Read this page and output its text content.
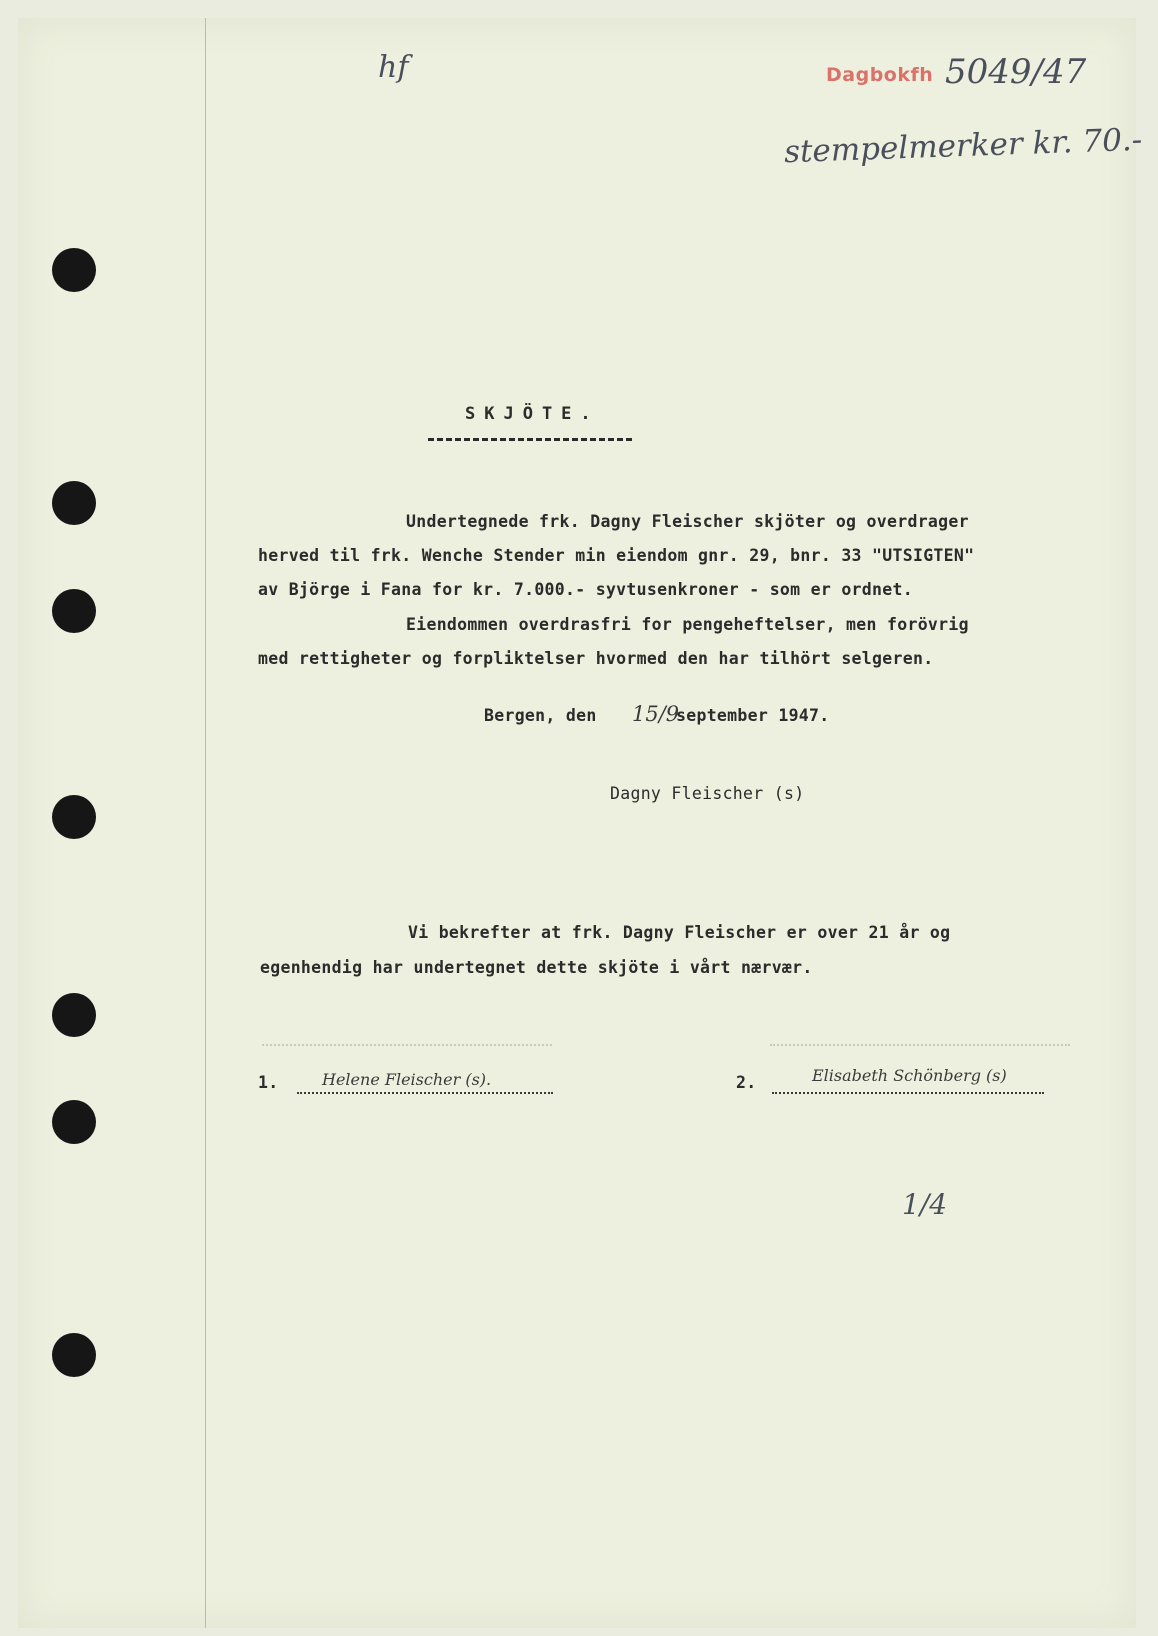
hf	Dagbokfh 5049/47
stempelmerker kr. 70.-
SKJÖTE.
Undertegnede frk. Dagny Fleischer skjöter og overdrager
herved til frk. Wenche Stender min eiendom gnr. 29, bnr. 33 "UTSIGTEN"
av Björge i Fana for kr. 7.000.- syvtusenkroner - som er ordnet.
Eiendommen overdrasfri for pengeheftelser, men forövrig
med rettigheter og forpliktelser hvormed den har tilhört selgeren.
Bergen, den 15/9
september 1947.
Dagny Fleischer (s)
Vi bekrefter at frk. Dagny Fleischer er over 21 år og
egenhendig har undertegnet dette skjöte i vårt nærvær.
1.	Helene Fleischer (s).	2.	Elisabeth Schönberg (s)
1/4
